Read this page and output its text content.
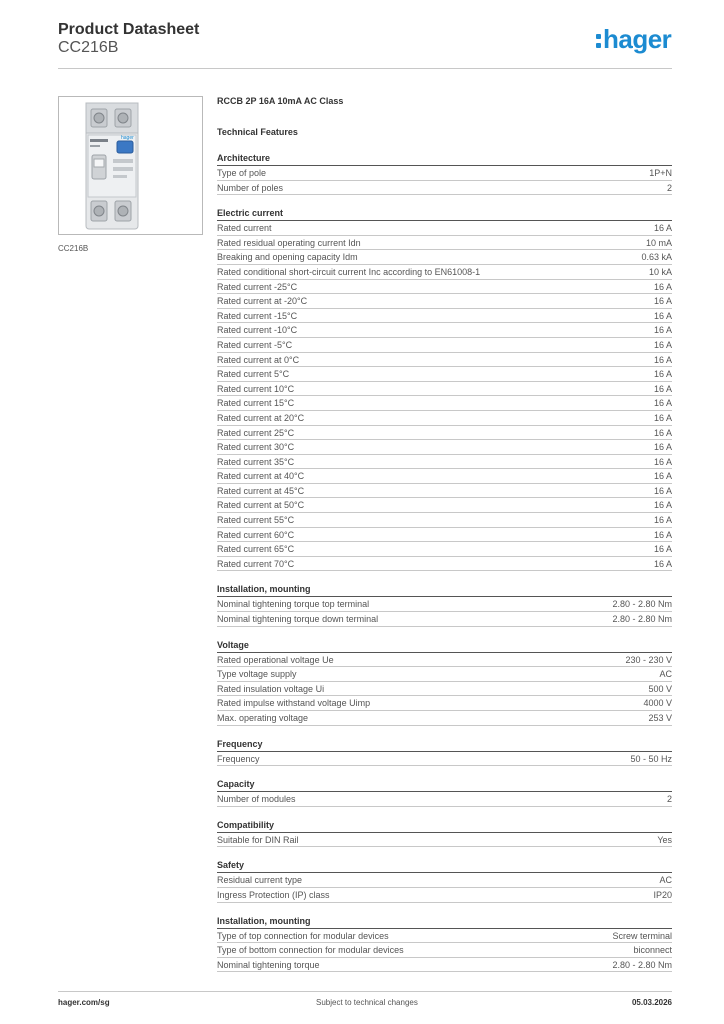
Product Datasheet
CC216B	hager
hager
CC216B
RCCB 2P 16A 10mA AC Class
Technical Features
Architecture
Type of pole	1P+N
Number of poles	2
Electric current
Rated current	16 A
Rated residual operating current Idn	10 mA
Breaking and opening capacity Idm	0.63 kA
Rated conditional short-circuit current Inc according to EN61008-1	10 kA
Rated current -25°C	16 A
Rated current at -20°C	16 A
Rated current -15°C	16 A
Rated current -10°C	16 A
Rated current -5°C	16 A
Rated current at 0°C	16 A
Rated current 5°C	16 A
Rated current 10°C	16 A
Rated current 15°C	16 A
Rated current at 20°C	16 A
Rated current 25°C	16 A
Rated current 30°C	16 A
Rated current 35°C	16 A
Rated current at 40°C	16 A
Rated current at 45°C	16 A
Rated current at 50°C	16 A
Rated current 55°C	16 A
Rated current 60°C	16 A
Rated current 65°C	16 A
Rated current 70°C	16 A
Installation, mounting
Nominal tightening torque top terminal	2.80 - 2.80 Nm
Nominal tightening torque down terminal	2.80 - 2.80 Nm
Voltage
Rated operational voltage Ue	230 - 230 V
Type voltage supply	AC
Rated insulation voltage Ui	500 V
Rated impulse withstand voltage Uimp	4000 V
Max. operating voltage	253 V
Frequency
Frequency	50 - 50 Hz
Capacity
Number of modules	2
Compatibility
Suitable for DIN Rail	Yes
Safety
Residual current type	AC
Ingress Protection (IP) class	IP20
Installation, mounting
Type of top connection for modular devices	Screw terminal
Type of bottom connection for modular devices	biconnect
Nominal tightening torque	2.80 - 2.80 Nm
hager.com/sg	Subject to technical changes	05.03.2026
